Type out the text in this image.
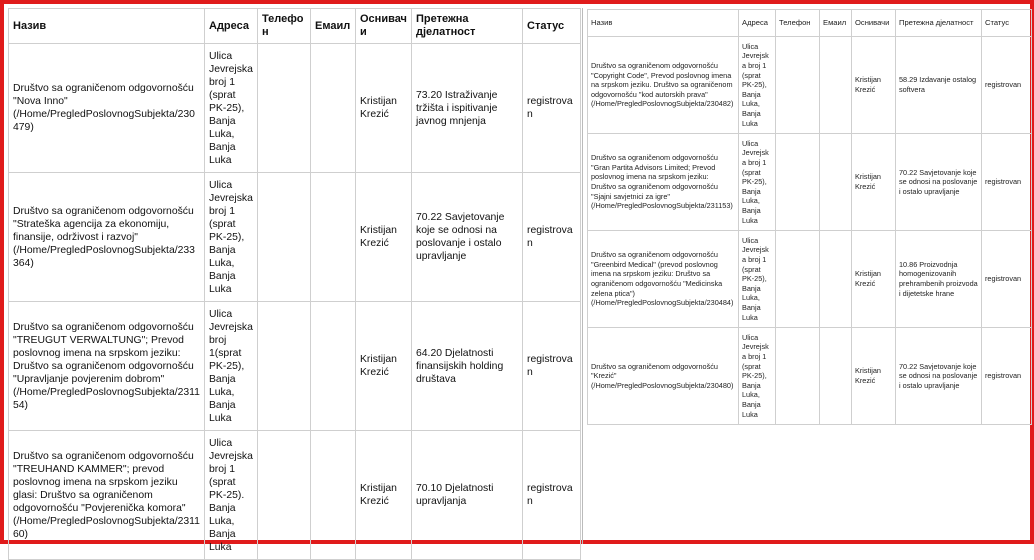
Назив	Адреса	Телефон	Емаил	Оснивачи	Претежна дјелатност	Статус
Društvo sa ograničenom odgovornošću "Nova Inno" (/Home/PregledPoslovnogSubjekta/230479)	Ulica Jevrejska broj 1 (sprat PK-25), Banja Luka, Banja Luka			Kristijan Krezić	73.20 Istraživanje tržišta i ispitivanje javnog mnjenja	registrovan
Društvo sa ograničenom odgovornošću "Strateška agencija za ekonomiju, finansije, održivost i razvoj" (/Home/PregledPoslovnogSubjekta/233364)	Ulica Jevrejska broj 1 (sprat PK-25), Banja Luka, Banja Luka			Kristijan Krezić	70.22 Savjetovanje koje se odnosi na poslovanje i ostalo upravljanje	registrovan
Društvo sa ograničenom odgovornošću "TREUGUT VERWALTUNG"; Prevod poslovnog imena na srpskom jeziku: Društvo sa ograničenom odgovornošću "Upravljanje povjerenim dobrom" (/Home/PregledPoslovnogSubjekta/231154)	Ulica Jevrejska broj 1(sprat PK-25), Banja Luka, Banja Luka			Kristijan Krezić	64.20 Djelatnosti finansijskih holding društava	registrovan
Društvo sa ograničenom odgovornošću "TREUHAND KAMMER"; prevod poslovnog imena na srpskom jeziku glasi: Društvo sa ograničenom odgovornošću "Povjerenička komora" (/Home/PregledPoslovnogSubjekta/231160)	Ulica Jevrejska broj 1 (sprat PK-25). Banja Luka, Banja Luka			Kristijan Krezić	70.10 Djelatnosti upravljanja	registrovan
Назив	Адреса	Телефон	Емаил	Оснивачи	Претежна дјелатност	Статус
Društvo sa ograničenom odgovornošću "Copyright Code", Prevod poslovnog imena na srpskom jeziku. Društvo sa ograničenom odgovornošću "kod autorskih prava" (/Home/PregledPoslovnogSubjekta/230482)	Ulica Jevrejska broj 1 (sprat PK-25), Banja Luka, Banja Luka			Kristijan Krezić	58.29 Izdavanje ostalog softvera	registrovan
Društvo sa ograničenom odgovornošću "Gran Partita Advisors Limited; Prevod poslovnog imena na srpskom jeziku: Društvo sa ograničenom odgovornošću "Sjajni savjetnici za igre" (/Home/PregledPoslovnogSubjekta/231153)	Ulica Jevrejska broj 1 (sprat PK-25), Banja Luka, Banja Luka			Kristijan Krezić	70.22 Savjetovanje koje se odnosi na poslovanje i ostalo upravljanje	registrovan
Društvo sa ograničenom odgovornošću "Greenbird Medical" (prevod poslovnog imena na srpskom jeziku: Društvo sa ograničenom odgovornošću "Medicinska zelena ptica") (/Home/PregledPoslovnogSubjekta/230484)	Ulica Jevrejska broj 1 (sprat PK-25), Banja Luka, Banja Luka			Kristijan Krezić	10.86 Proizvodnja homogenizovanih prehrambenih proizvoda i dijetetske hrane	registrovan
Društvo sa ograničenom odgovornošću "Krezić" (/Home/PregledPoslovnogSubjekta/230480)	Ulica Jevrejska broj 1 (sprat PK-25), Banja Luka, Banja Luka			Kristijan Krezić	70.22 Savjetovanje koje se odnosi na poslovanje i ostalo upravljanje	registrovan
